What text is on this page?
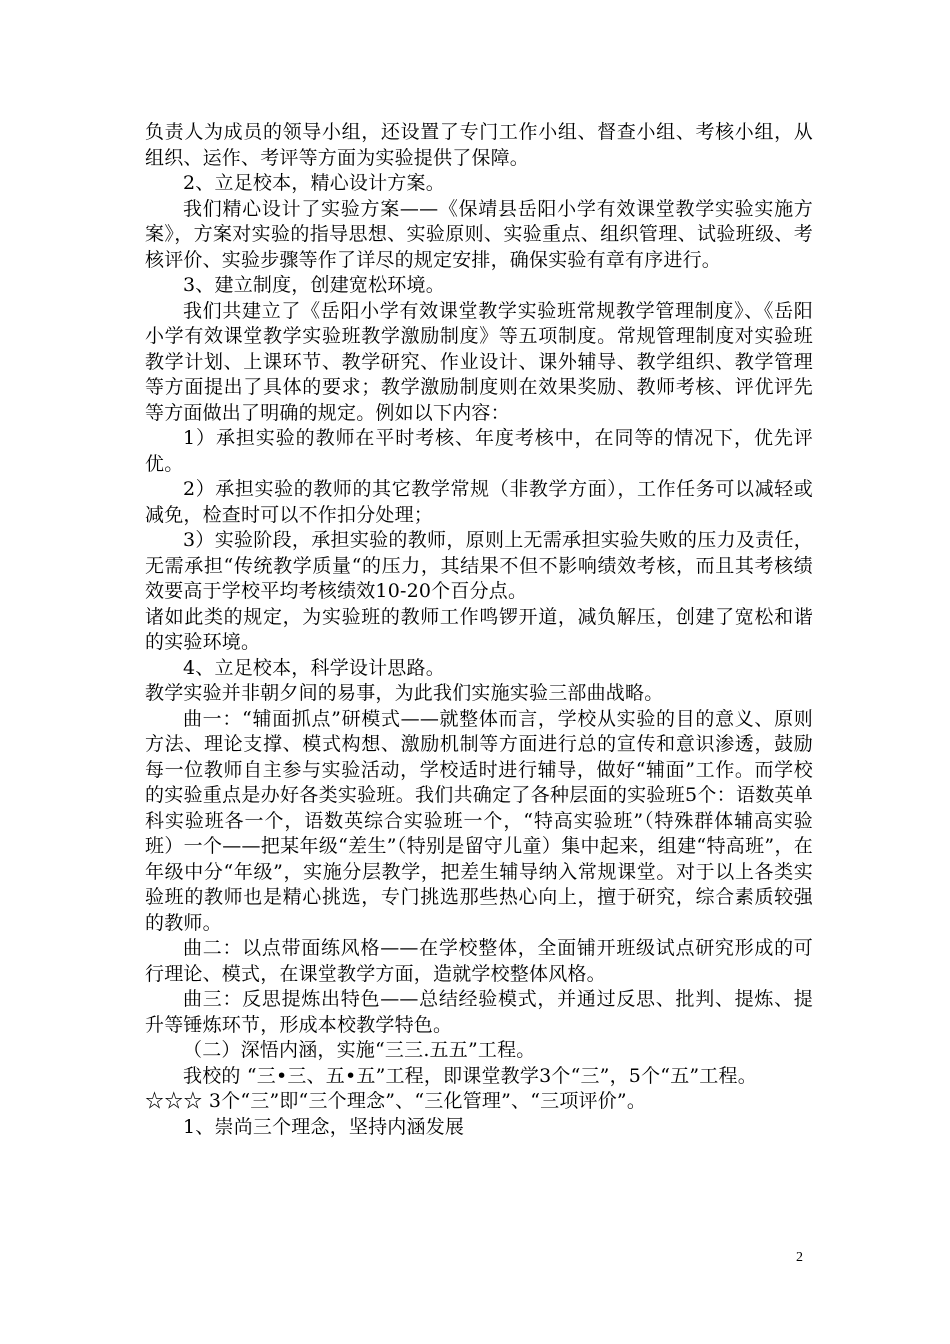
负责人为成员的领导小组，还设置了专门工作小组、督查小组、考核小组，从组织、运作、考评等方面为实验提供了保障。

2、立足校本，精心设计方案。

我们精心设计了实验方案——《保靖县岳阳小学有效课堂教学实验实施方案》，方案对实验的指导思想、实验原则、实验重点、组织管理、试验班级、考核评价、实验步骤等作了详尽的规定安排，确保实验有章有序进行。

3、建立制度，创建宽松环境。

我们共建立了《岳阳小学有效课堂教学实验班常规教学管理制度》、《岳阳小学有效课堂教学实验班教学激励制度》等五项制度。常规管理制度对实验班教学计划、上课环节、教学研究、作业设计、课外辅导、教学组织、教学管理等方面提出了具体的要求；教学激励制度则在效果奖励、教师考核、评优评先等方面做出了明确的规定。例如以下内容：

1）承担实验的教师在平时考核、年度考核中，在同等的情况下，优先评优。

2）承担实验的教师的其它教学常规（非教学方面），工作任务可以减轻或减免，检查时可以不作扣分处理；

3）实验阶段，承担实验的教师，原则上无需承担实验失败的压力及责任，无需承担“传统教学质量“的压力，其结果不但不影响绩效考核，而且其考核绩效要高于学校平均考核绩效10-20个百分点。

诸如此类的规定，为实验班的教师工作鸣锣开道，减负解压，创建了宽松和谐的实验环境。

4、立足校本，科学设计思路。

教学实验并非朝夕间的易事，为此我们实施实验三部曲战略。

曲一：“辅面抓点”研模式——就整体而言，学校从实验的目的意义、原则方法、理论支撑、模式构想、激励机制等方面进行总的宣传和意识渗透，鼓励每一位教师自主参与实验活动，学校适时进行辅导，做好“辅面”工作。而学校的实验重点是办好各类实验班。我们共确定了各种层面的实验班5个：语数英单科实验班各一个，语数英综合实验班一个，“特高实验班”（特殊群体辅高实验班）一个——把某年级“差生”（特别是留守儿童）集中起来，组建“特高班”，在年级中分“年级”，实施分层教学，把差生辅导纳入常规课堂。对于以上各类实验班的教师也是精心挑选，专门挑选那些热心向上，擅于研究，综合素质较强的教师。

曲二：以点带面练风格——在学校整体，全面铺开班级试点研究形成的可行理论、模式，在课堂教学方面，造就学校整体风格。

曲三：反思提炼出特色——总结经验模式，并通过反思、批判、提炼、提升等锤炼环节，形成本校教学特色。

（二）深悟内涵，实施“三三.五五”工程。

我校的 “三•三、五•五”工程，即课堂教学3个“三”，5个“五”工程。

☆☆☆ 3个“三”即“三个理念”、“三化管理”、“三项评价”。

1、崇尚三个理念，坚持内涵发展

2
